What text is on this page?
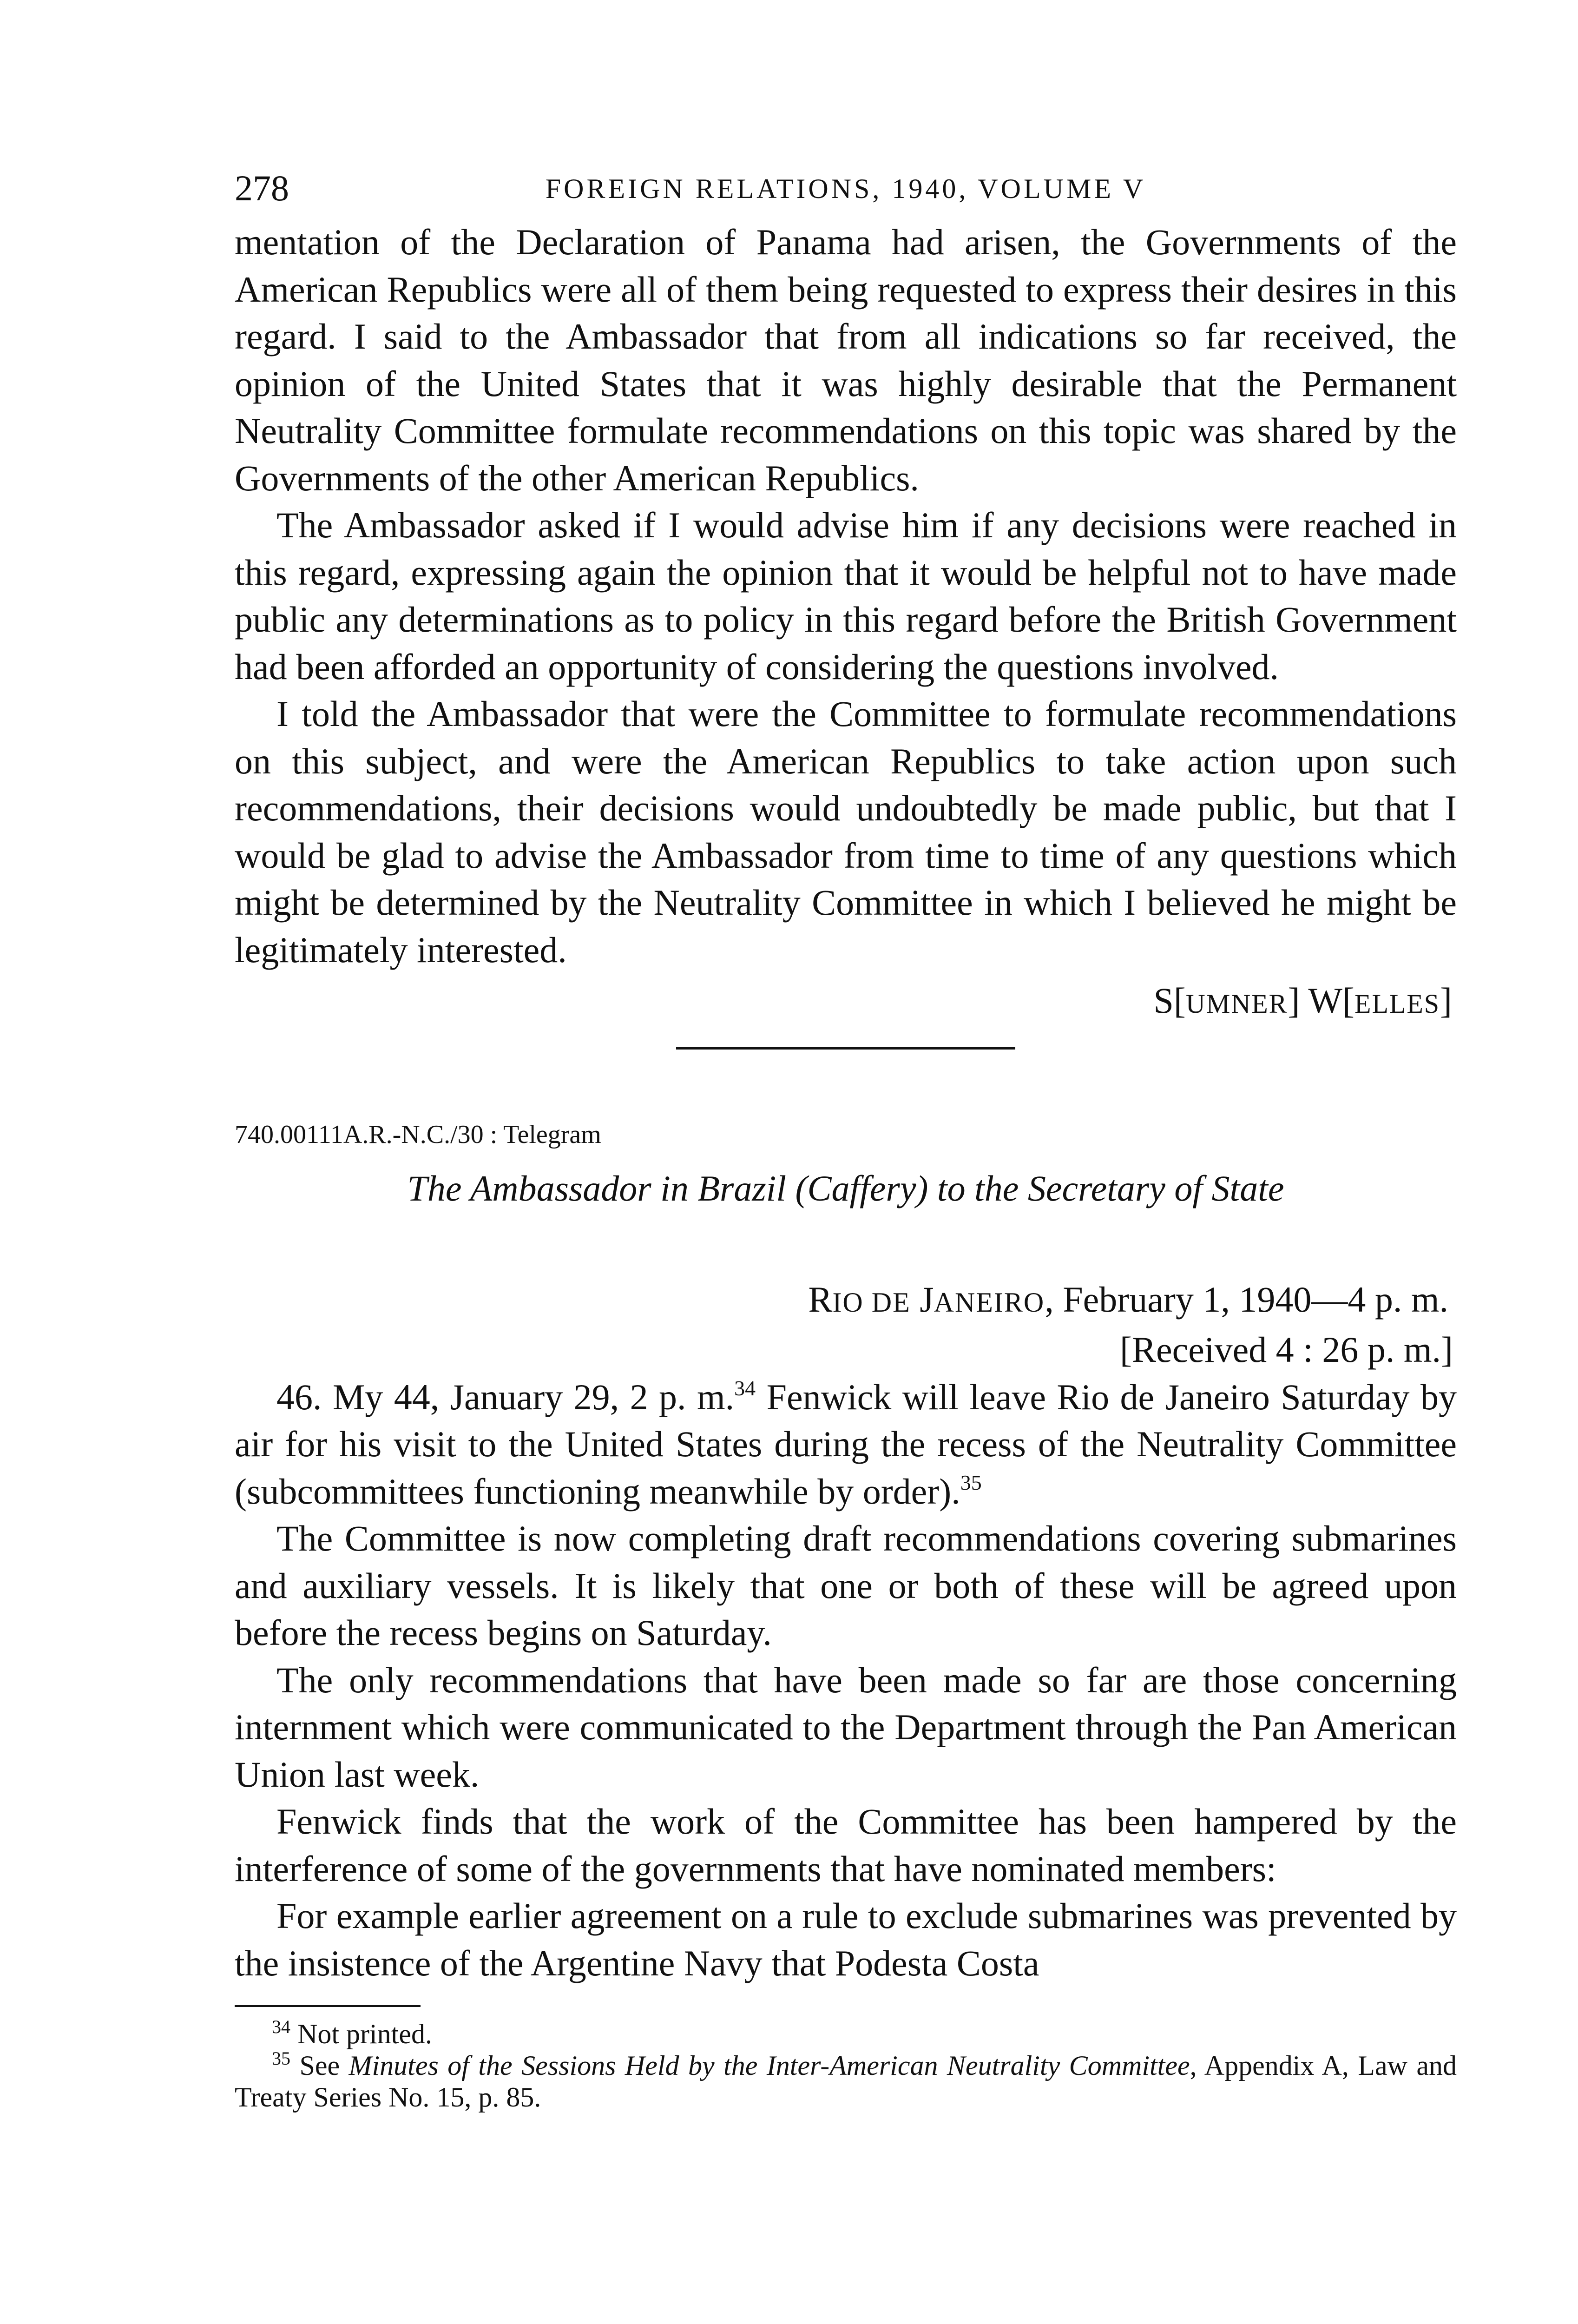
278	FOREIGN RELATIONS, 1940, VOLUME V

mentation of the Declaration of Panama had arisen, the Governments of the American Republics were all of them being requested to express their desires in this regard. I said to the Ambassador that from all indications so far received, the opinion of the United States that it was highly desirable that the Permanent Neutrality Committee formulate recommendations on this topic was shared by the Governments of the other American Republics.

The Ambassador asked if I would advise him if any decisions were reached in this regard, expressing again the opinion that it would be helpful not to have made public any determinations as to policy in this regard before the British Government had been afforded an opportunity of considering the questions involved.

I told the Ambassador that were the Committee to formulate recommendations on this subject, and were the American Republics to take action upon such recommendations, their decisions would undoubtedly be made public, but that I would be glad to advise the Ambassador from time to time of any questions which might be determined by the Neutrality Committee in which I believed he might be legitimately interested.

S[UMNER] W[ELLES]
740.00111A.R.-N.C./30 : Telegram
The Ambassador in Brazil (Caffery) to the Secretary of State
RIO DE JANEIRO, February 1, 1940—4 p. m.
[Received 4 : 26 p. m.]

46. My 44, January 29, 2 p. m.$^{34}$ Fenwick will leave Rio de Janeiro Saturday by air for his visit to the United States during the recess of the Neutrality Committee (subcommittees functioning meanwhile by order).$^{35}$

The Committee is now completing draft recommendations covering submarines and auxiliary vessels. It is likely that one or both of these will be agreed upon before the recess begins on Saturday.

The only recommendations that have been made so far are those concerning internment which were communicated to the Department through the Pan American Union last week.

Fenwick finds that the work of the Committee has been hampered by the interference of some of the governments that have nominated members:

For example earlier agreement on a rule to exclude submarines was prevented by the insistence of the Argentine Navy that Podesta Costa

$^{34}$ Not printed.

$^{35}$ See Minutes of the Sessions Held by the Inter-American Neutrality Committee, Appendix A, Law and Treaty Series No. 15, p. 85.
